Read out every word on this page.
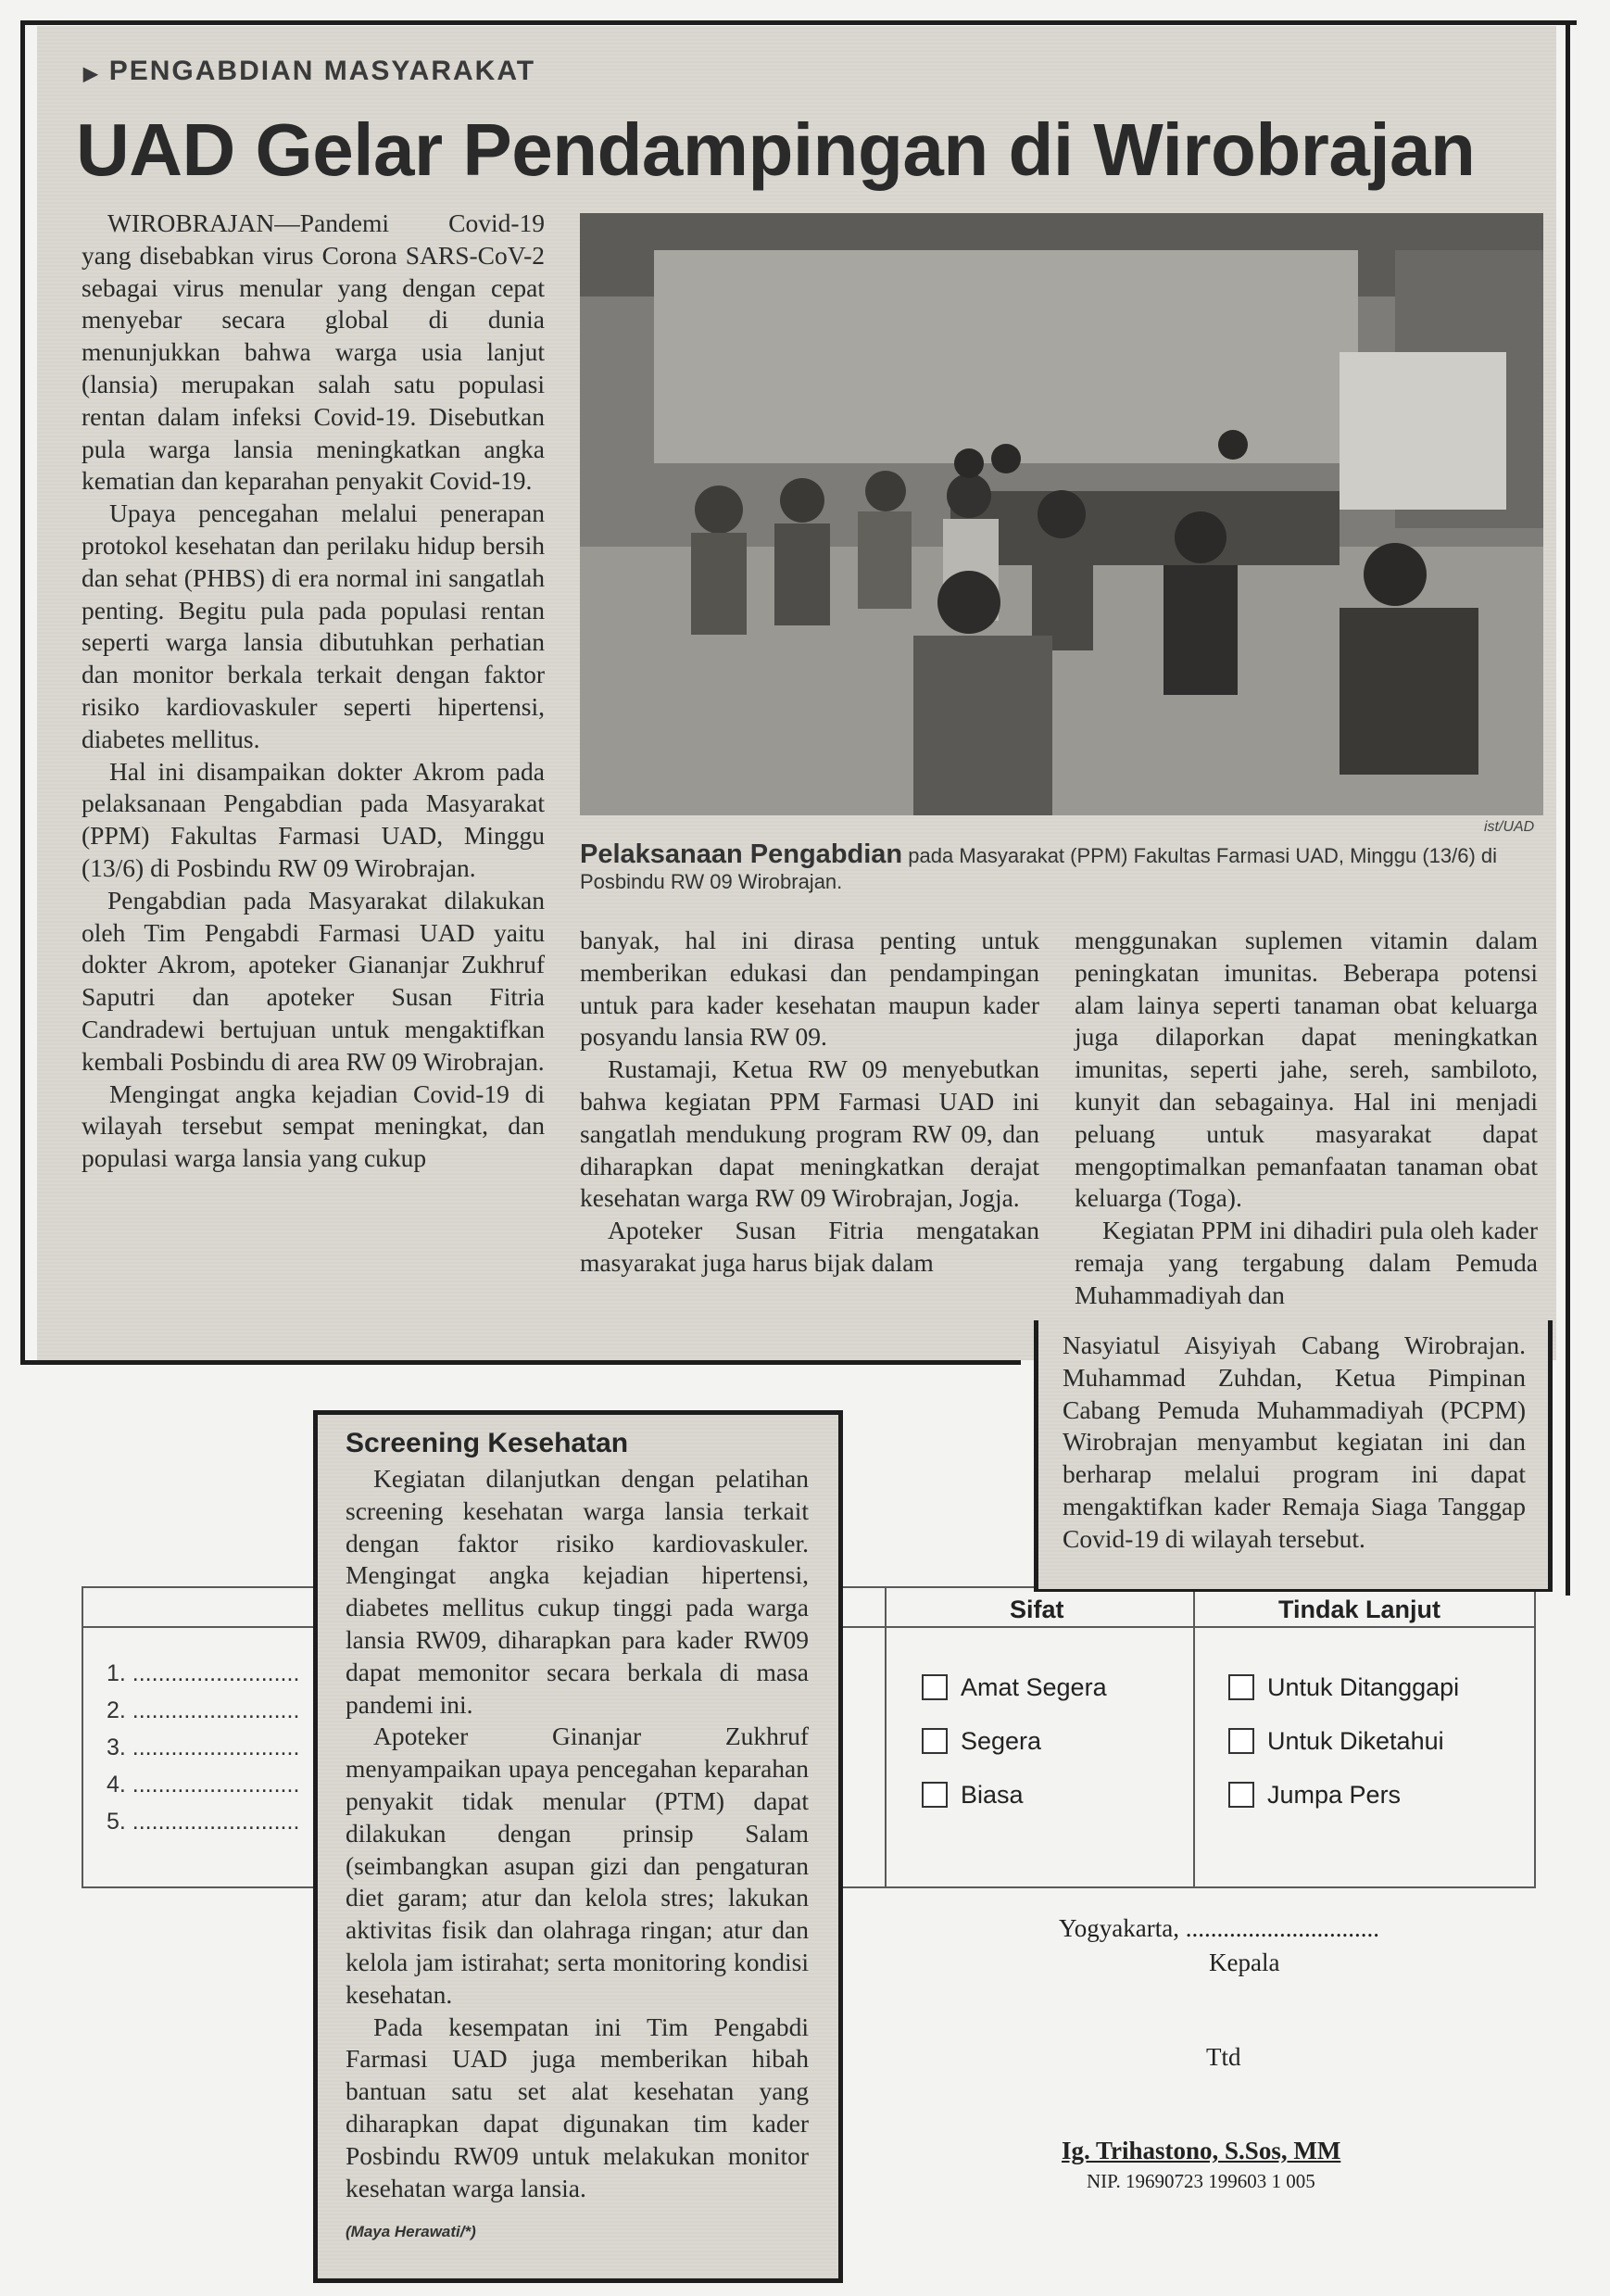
Sifat	Tindak Lanjut
1. ..........................
2. ..........................
3. ..........................
4. ..........................
5. ..........................
Amat Segera
Segera
Biasa
Untuk Ditanggapi
Untuk Diketahui
Jumpa Pers
Yogyakarta, ...............................
Kepala
Ttd
Ig. Trihastono, S.Sos, MM
NIP. 19690723 199603 1 005
▶ PENGABDIAN MASYARAKAT
UAD Gelar Pendampingan di Wirobrajan
ist/UAD
Pelaksanaan Pengabdian pada Masyarakat (PPM) Fakultas Farmasi UAD, Minggu (13/6) di Posbindu RW 09 Wirobrajan.

WIROBRAJAN—Pandemi Covid-19 yang disebabkan virus Corona SARS-CoV-2 sebagai virus menular yang dengan cepat menyebar secara global di dunia menunjukkan bahwa warga usia lanjut (lansia) merupakan salah satu populasi rentan dalam infeksi Covid-19. Disebutkan pula warga lansia meningkatkan angka kematian dan keparahan penyakit Covid-19.

Upaya pencegahan melalui penerapan protokol kesehatan dan perilaku hidup bersih dan sehat (PHBS) di era normal ini sangatlah penting. Begitu pula pada populasi rentan seperti warga lansia dibutuhkan perhatian dan monitor berkala terkait dengan faktor risiko kardiovaskuler seperti hipertensi, diabetes mellitus.

Hal ini disampaikan dokter Akrom pada pelaksanaan Pengabdian pada Masyarakat (PPM) Fakultas Farmasi UAD, Minggu (13/6) di Posbindu RW 09 Wirobrajan.

Pengabdian pada Masyarakat dilakukan oleh Tim Pengabdi Farmasi UAD yaitu dokter Akrom, apoteker Giananjar Zukhruf Saputri dan apoteker Susan Fitria Candradewi bertujuan untuk mengaktifkan kembali Posbindu di area RW 09 Wirobrajan.

Mengingat angka kejadian Covid-19 di wilayah tersebut sempat meningkat, dan populasi warga lansia yang cukup

banyak, hal ini dirasa penting untuk memberikan edukasi dan pendampingan untuk para kader kesehatan maupun kader posyandu lansia RW 09.

Rustamaji, Ketua RW 09 menyebutkan bahwa kegiatan PPM Farmasi UAD ini sangatlah mendukung program RW 09, dan diharapkan dapat meningkatkan derajat kesehatan warga RW 09 Wirobrajan, Jogja.

Apoteker Susan Fitria mengatakan masyarakat juga harus bijak dalam

menggunakan suplemen vitamin dalam peningkatan imunitas. Beberapa potensi alam lainya seperti tanaman obat keluarga juga dilaporkan dapat meningkatkan imunitas, seperti jahe, sereh, sambiloto, kunyit dan sebagainya. Hal ini menjadi peluang untuk masyarakat dapat mengoptimalkan pemanfaatan tanaman obat keluarga (Toga).

Kegiatan PPM ini dihadiri pula oleh kader remaja yang tergabung dalam Pemuda Muhammadiyah dan

Nasyiatul Aisyiyah Cabang Wirobrajan. Muhammad Zuhdan, Ketua Pimpinan Cabang Pemuda Muhammadiyah (PCPM) Wirobrajan menyambut kegiatan ini dan berharap melalui program ini dapat mengaktifkan kader Remaja Siaga Tanggap Covid-19 di wilayah tersebut.

Screening Kesehatan

Kegiatan dilanjutkan dengan pelatihan screening kesehatan warga lansia terkait dengan faktor risiko kardiovaskuler. Mengingat angka kejadian hipertensi, diabetes mellitus cukup tinggi pada warga lansia RW09, diharapkan para kader RW09 dapat memonitor secara berkala di masa pandemi ini.

Apoteker Ginanjar Zukhruf menyampaikan upaya pencegahan keparahan penyakit tidak menular (PTM) dapat dilakukan dengan prinsip Salam (seimbangkan asupan gizi dan pengaturan diet garam; atur dan kelola stres; lakukan aktivitas fisik dan olahraga ringan; atur dan kelola jam istirahat; serta monitoring kondisi kesehatan.

Pada kesempatan ini Tim Pengabdi Farmasi UAD juga memberikan hibah bantuan satu set alat kesehatan yang diharapkan dapat digunakan tim kader Posbindu RW09 untuk melakukan monitor kesehatan warga lansia.

(Maya Herawati/*)
